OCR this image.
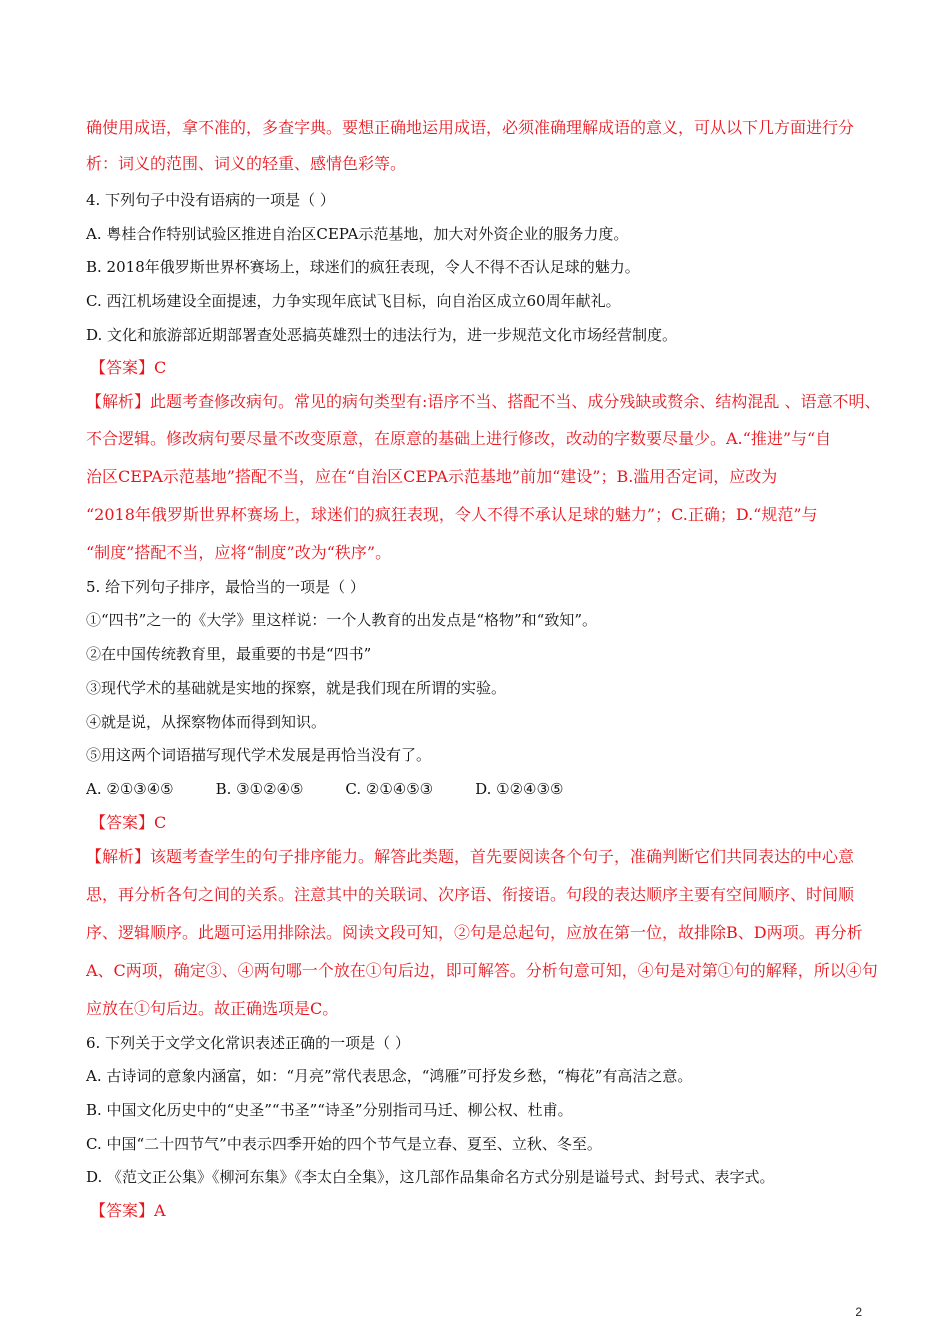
确使用成语，拿不准的，多查字典。要想正确地运用成语，必须准确理解成语的意义，可从以下几方面进行分
析：词义的范围、词义的轻重、感情色彩等。
4. 下列句子中没有语病的一项是（ ）
A. 粤桂合作特别试验区推进自治区CEPA示范基地，加大对外资企业的服务力度。
B. 2018年俄罗斯世界杯赛场上，球迷们的疯狂表现，令人不得不否认足球的魅力。
C. 西江机场建设全面提速，力争实现年底试飞目标，向自治区成立60周年献礼。
D. 文化和旅游部近期部署查处恶搞英雄烈士的违法行为，进一步规范文化市场经营制度。
【答案】C
【解析】此题考查修改病句。常见的病句类型有:语序不当、搭配不当、成分残缺或赘余、结构混乱 、语意不明、
不合逻辑。修改病句要尽量不改变原意，在原意的基础上进行修改，改动的字数要尽量少。A.“推进”与“自
治区CEPA示范基地”搭配不当，应在“自治区CEPA示范基地”前加“建设”；B.滥用否定词，应改为
“2018年俄罗斯世界杯赛场上，球迷们的疯狂表现，令人不得不承认足球的魅力”；C.正确；D.“规范”与
“制度”搭配不当，应将“制度”改为“秩序”。
5. 给下列句子排序，最恰当的一项是（ ）
①“四书”之一的《大学》里这样说：一个人教育的出发点是“格物”和“致知”。
②在中国传统教育里，最重要的书是“四书”
③现代学术的基础就是实地的探察，就是我们现在所谓的实验。
④就是说，从探察物体而得到知识。
⑤用这两个词语描写现代学术发展是再恰当没有了。
A. ②①③④⑤	B. ③①②④⑤	C. ②①④⑤③	D. ①②④③⑤
【答案】C
【解析】该题考查学生的句子排序能力。解答此类题，首先要阅读各个句子，准确判断它们共同表达的中心意
思，再分析各句之间的关系。注意其中的关联词、次序语、衔接语。句段的表达顺序主要有空间顺序、时间顺
序、逻辑顺序。此题可运用排除法。阅读文段可知，②句是总起句，应放在第一位，故排除B、D两项。再分析
A、C两项，确定③、④两句哪一个放在①句后边，即可解答。分析句意可知，④句是对第①句的解释，所以④句
应放在①句后边。故正确选项是C。
6. 下列关于文学文化常识表述正确的一项是（ ）
A. 古诗词的意象内涵富，如：“月亮”常代表思念，“鸿雁”可抒发乡愁，“梅花”有高洁之意。
B. 中国文化历史中的“史圣”“书圣”“诗圣”分别指司马迁、柳公权、杜甫。
C. 中国“二十四节气”中表示四季开始的四个节气是立春、夏至、立秋、冬至。
D. 《范文正公集》《柳河东集》《李太白全集》，这几部作品集命名方式分别是谥号式、封号式、表字式。
【答案】A
2
